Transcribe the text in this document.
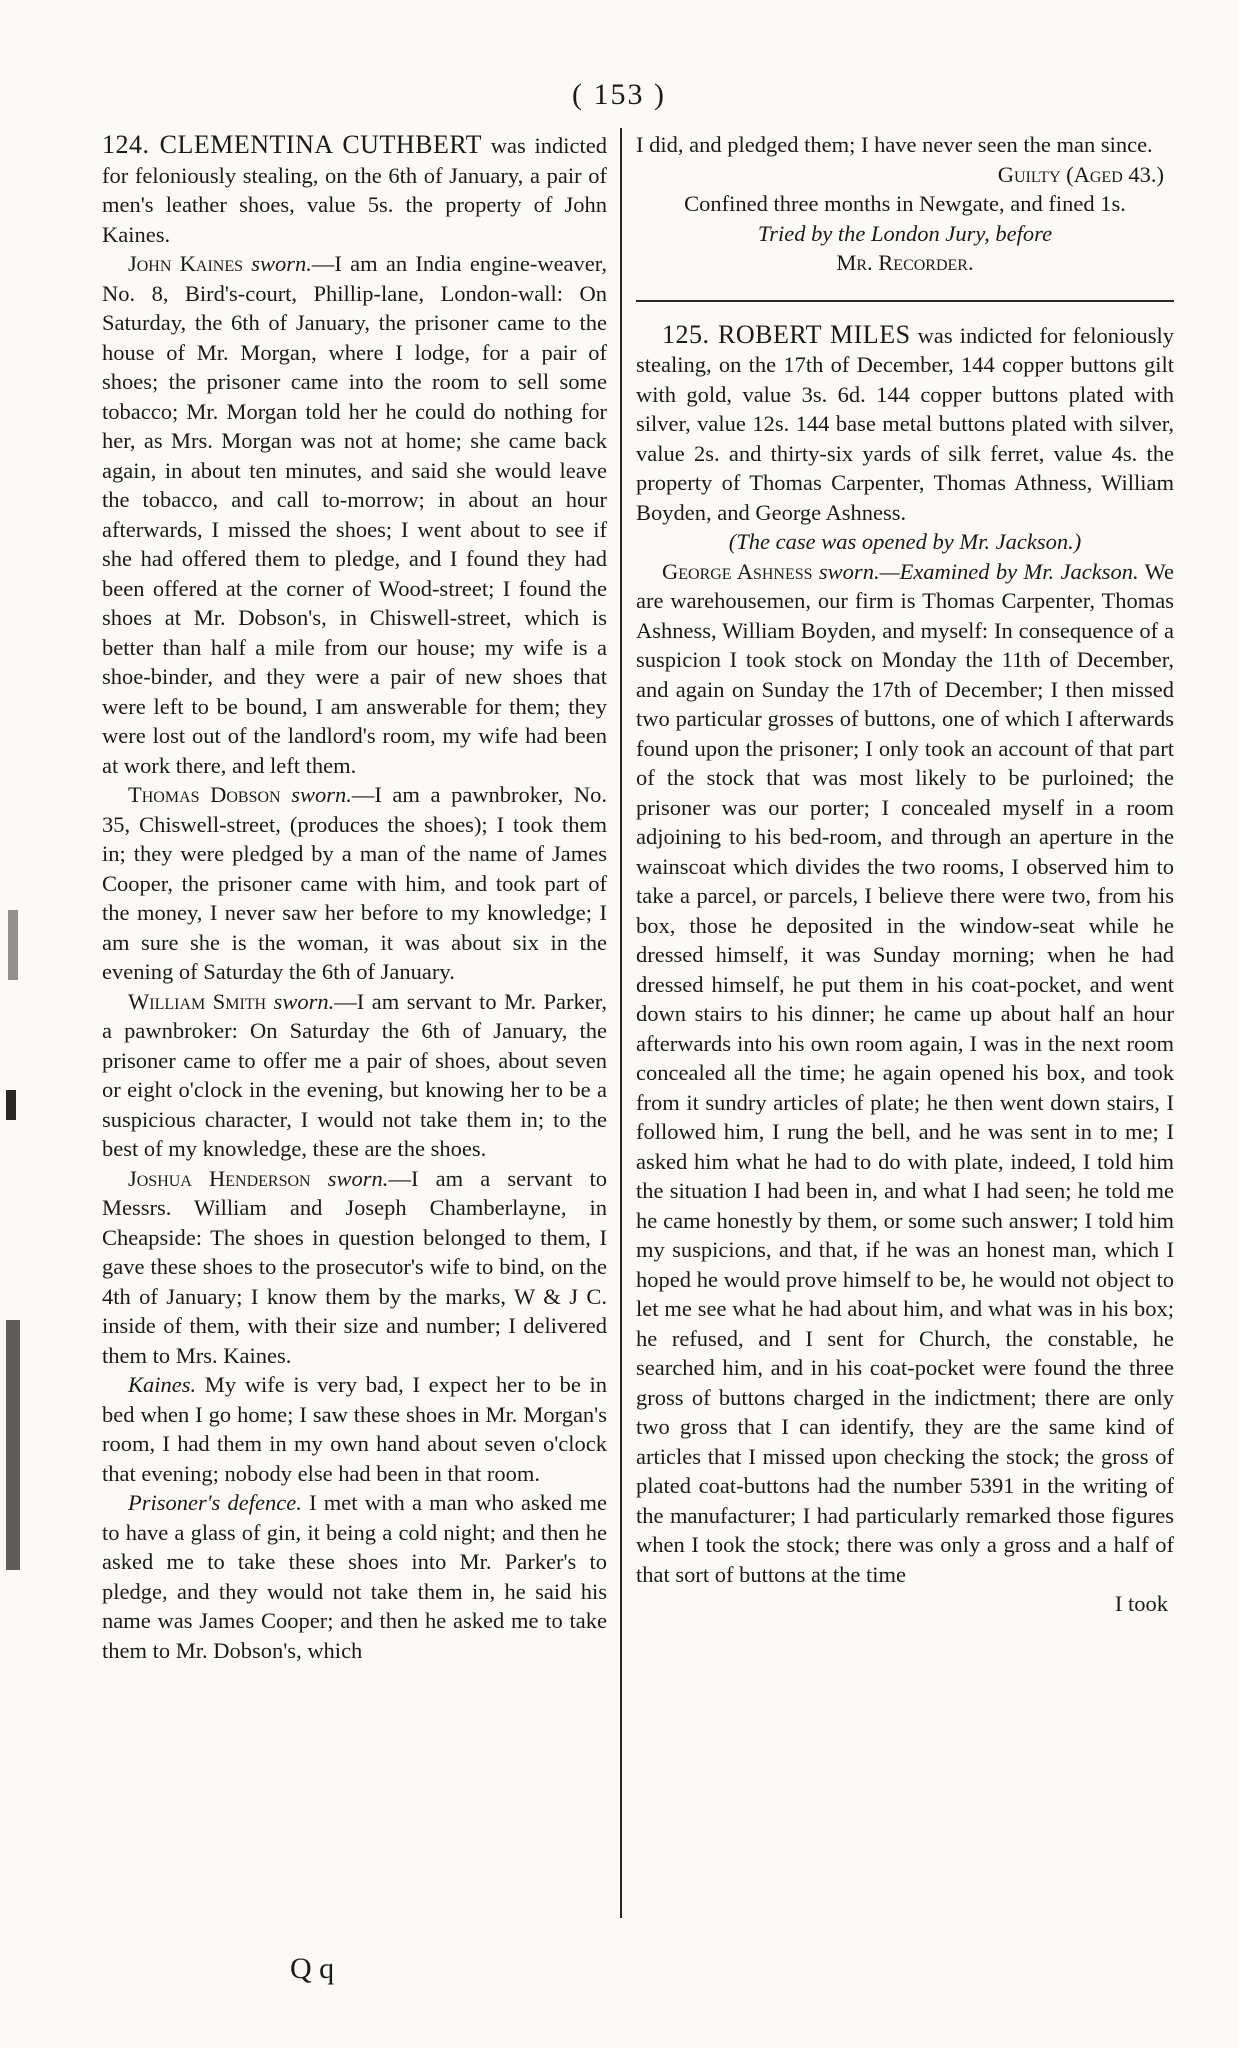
( 153 )

124. CLEMENTINA CUTHBERT was indicted for feloniously stealing, on the 6th of January, a pair of men's leather shoes, value 5s. the property of John Kaines.

John Kaines sworn.—I am an India engine-weaver, No. 8, Bird's-court, Phillip-lane, London-wall: On Saturday, the 6th of January, the prisoner came to the house of Mr. Morgan, where I lodge, for a pair of shoes; the prisoner came into the room to sell some tobacco; Mr. Morgan told her he could do nothing for her, as Mrs. Morgan was not at home; she came back again, in about ten minutes, and said she would leave the tobacco, and call to-morrow; in about an hour afterwards, I missed the shoes; I went about to see if she had offered them to pledge, and I found they had been offered at the corner of Wood-street; I found the shoes at Mr. Dobson's, in Chiswell-street, which is better than half a mile from our house; my wife is a shoe-binder, and they were a pair of new shoes that were left to be bound, I am answerable for them; they were lost out of the landlord's room, my wife had been at work there, and left them.

Thomas Dobson sworn.—I am a pawnbroker, No. 35, Chiswell-street, (produces the shoes); I took them in; they were pledged by a man of the name of James Cooper, the prisoner came with him, and took part of the money, I never saw her before to my knowledge; I am sure she is the woman, it was about six in the evening of Saturday the 6th of January.

William Smith sworn.—I am servant to Mr. Parker, a pawnbroker: On Saturday the 6th of January, the prisoner came to offer me a pair of shoes, about seven or eight o'clock in the evening, but knowing her to be a suspicious character, I would not take them in; to the best of my knowledge, these are the shoes.

Joshua Henderson sworn.—I am a servant to Messrs. William and Joseph Chamberlayne, in Cheapside: The shoes in question belonged to them, I gave these shoes to the prosecutor's wife to bind, on the 4th of January; I know them by the marks, W & J C. inside of them, with their size and number; I delivered them to Mrs. Kaines.

Kaines. My wife is very bad, I expect her to be in bed when I go home; I saw these shoes in Mr. Morgan's room, I had them in my own hand about seven o'clock that evening; nobody else had been in that room.

Prisoner's defence. I met with a man who asked me to have a glass of gin, it being a cold night; and then he asked me to take these shoes into Mr. Parker's to pledge, and they would not take them in, he said his name was James Cooper; and then he asked me to take them to Mr. Dobson's, which

Q q

I did, and pledged them; I have never seen the man since.

Guilty (Aged 43.)

Confined three months in Newgate, and fined 1s.

Tried by the London Jury, before

Mr. Recorder.

125. ROBERT MILES was indicted for feloniously stealing, on the 17th of December, 144 copper buttons gilt with gold, value 3s. 6d. 144 copper buttons plated with silver, value 12s. 144 base metal buttons plated with silver, value 2s. and thirty-six yards of silk ferret, value 4s. the property of Thomas Carpenter, Thomas Athness, William Boyden, and George Ashness.

(The case was opened by Mr. Jackson.)

George Ashness sworn.—Examined by Mr. Jackson. We are warehousemen, our firm is Thomas Carpenter, Thomas Ashness, William Boyden, and myself: In consequence of a suspicion I took stock on Monday the 11th of December, and again on Sunday the 17th of December; I then missed two particular grosses of buttons, one of which I afterwards found upon the prisoner; I only took an account of that part of the stock that was most likely to be purloined; the prisoner was our porter; I concealed myself in a room adjoining to his bed-room, and through an aperture in the wainscoat which divides the two rooms, I observed him to take a parcel, or parcels, I believe there were two, from his box, those he deposited in the window-seat while he dressed himself, it was Sunday morning; when he had dressed himself, he put them in his coat-pocket, and went down stairs to his dinner; he came up about half an hour afterwards into his own room again, I was in the next room concealed all the time; he again opened his box, and took from it sundry articles of plate; he then went down stairs, I followed him, I rung the bell, and he was sent in to me; I asked him what he had to do with plate, indeed, I told him the situation I had been in, and what I had seen; he told me he came honestly by them, or some such answer; I told him my suspicions, and that, if he was an honest man, which I hoped he would prove himself to be, he would not object to let me see what he had about him, and what was in his box; he refused, and I sent for Church, the constable, he searched him, and in his coat-pocket were found the three gross of buttons charged in the indictment; there are only two gross that I can identify, they are the same kind of articles that I missed upon checking the stock; the gross of plated coat-buttons had the number 5391 in the writing of the manufacturer; I had particularly remarked those figures when I took the stock; there was only a gross and a half of that sort of buttons at the time

I took
